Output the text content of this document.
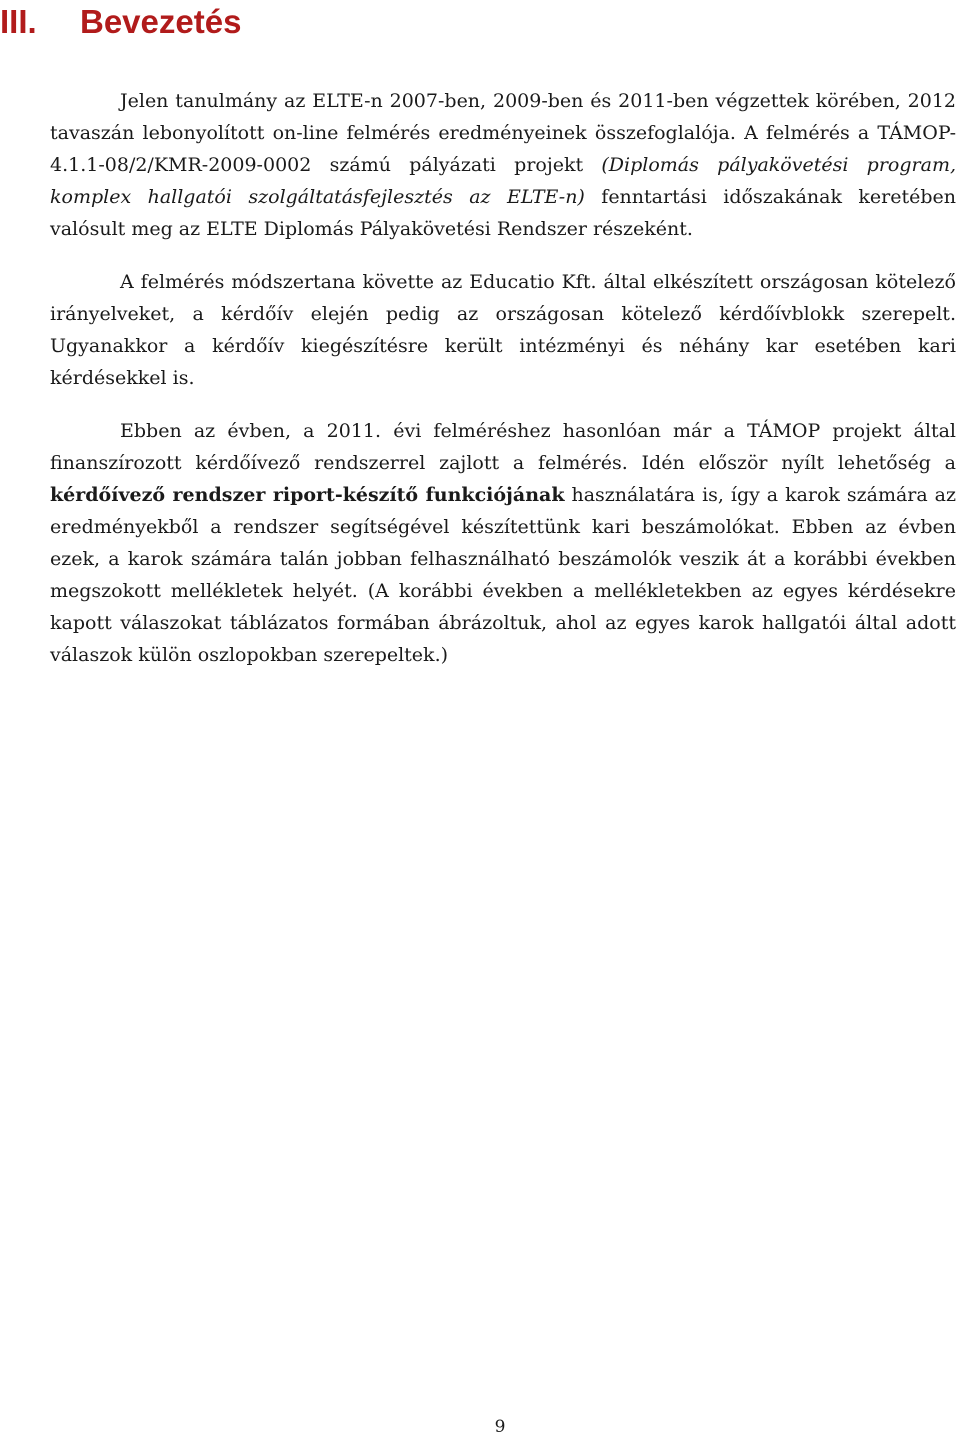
III. Bevezetés

Jelen tanulmány az ELTE-n 2007-ben, 2009-ben és 2011-ben végzettek körében, 2012 tavaszán lebonyolított on-line felmérés eredményeinek összefoglalója. A felmérés a TÁMOP-4.1.1-08/2/KMR-2009-0002 számú pályázati projekt (Diplomás pályakövetési program, komplex hallgatói szolgáltatásfejlesztés az ELTE-n) fenntartási időszakának keretében valósult meg az ELTE Diplomás Pályakövetési Rendszer részeként.

A felmérés módszertana követte az Educatio Kft. által elkészített országosan kötelező irányelveket, a kérdőív elején pedig az országosan kötelező kérdőívblokk szerepelt. Ugyanakkor a kérdőív kiegészítésre került intézményi és néhány kar esetében kari kérdésekkel is.

Ebben az évben, a 2011. évi felméréshez hasonlóan már a TÁMOP projekt által finanszírozott kérdőívező rendszerrel zajlott a felmérés. Idén először nyílt lehetőség a kérdőívező rendszer riport-készítő funkciójának használatára is, így a karok számára az eredményekből a rendszer segítségével készítettünk kari beszámolókat. Ebben az évben ezek, a karok számára talán jobban felhasználható beszámolók veszik át a korábbi években megszokott mellékletek helyét. (A korábbi években a mellékletekben az egyes kérdésekre kapott válaszokat táblázatos formában ábrázoltuk, ahol az egyes karok hallgatói által adott válaszok külön oszlopokban szerepeltek.)

9
